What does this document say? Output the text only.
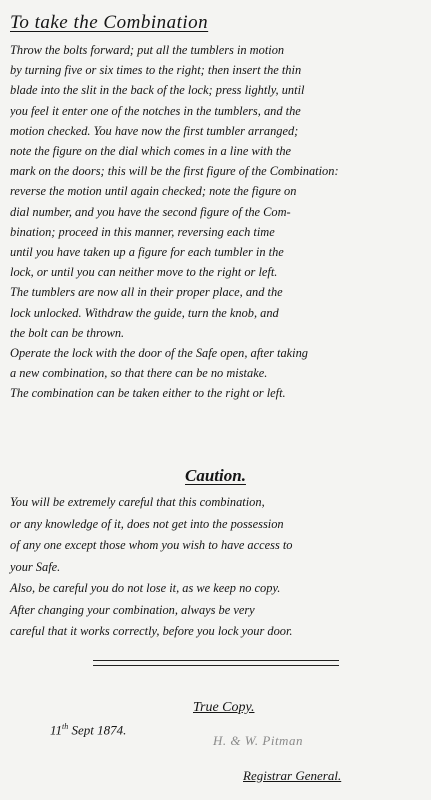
To take the Combination
Throw the bolts forward; put all the tumblers in motion
by turning five or six times to the right; then insert the thin
blade into the slit in the back of the lock; press lightly, until
you feel it enter one of the notches in the tumblers, and the
motion checked. You have now the first tumbler arranged;
note the figure on the dial which comes in a line with the
mark on the doors; this will be the first figure of the Combination:
reverse the motion until again checked; note the figure on
dial number, and you have the second figure of the Com-
bination; proceed in this manner, reversing each time
until you have taken up a figure for each tumbler in the
lock, or until you can neither move to the right or left.
The tumblers are now all in their proper place, and the
lock unlocked. Withdraw the guide, turn the knob, and
the bolt can be thrown.
Operate the lock with the door of the Safe open, after taking
a new combination, so that there can be no mistake.
The combination can be taken either to the right or left.
Caution.
You will be extremely careful that this combination,
or any knowledge of it, does not get into the possession
of any one except those whom you wish to have access to
your Safe.
Also, be careful you do not lose it, as we keep no copy.
After changing your combination, always be very
careful that it works correctly, before you lock your door.
True Copy.
11th Sept 1874.
H. & W. Pitman
Registrar General.
